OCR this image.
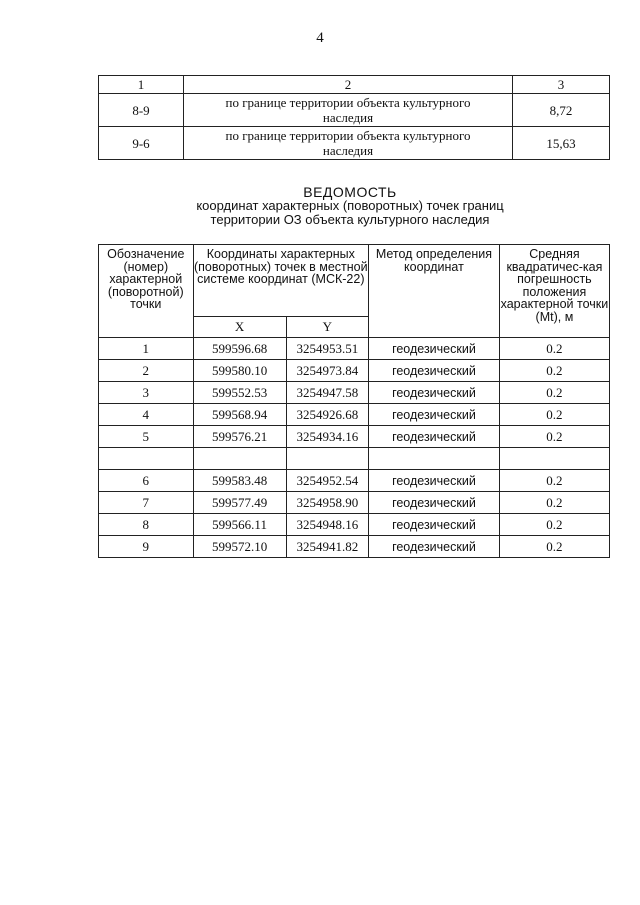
4
1	2	3
8-9	по границе территории объекта культурного наследия	8,72
9-6	по границе территории объекта культурного наследия	15,63
ВЕДОМОСТЬ
координат характерных (поворотных) точек границ
территории ОЗ объекта культурного наследия
Обозначение (номер) характерной (поворотной) точки	Координаты характерных (поворотных) точек в местной системе координат (МСК-22)		Метод определения координат	Средняя квадратичес-кая погрешность положения характерной точки (Mt), м
	X	Y		
1	599596.68	3254953.51	геодезический	0.2
2	599580.10	3254973.84	геодезический	0.2
3	599552.53	3254947.58	геодезический	0.2
4	599568.94	3254926.68	геодезический	0.2
5	599576.21	3254934.16	геодезический	0.2

6	599583.48	3254952.54	геодезический	0.2
7	599577.49	3254958.90	геодезический	0.2
8	599566.11	3254948.16	геодезический	0.2
9	599572.10	3254941.82	геодезический	0.2
